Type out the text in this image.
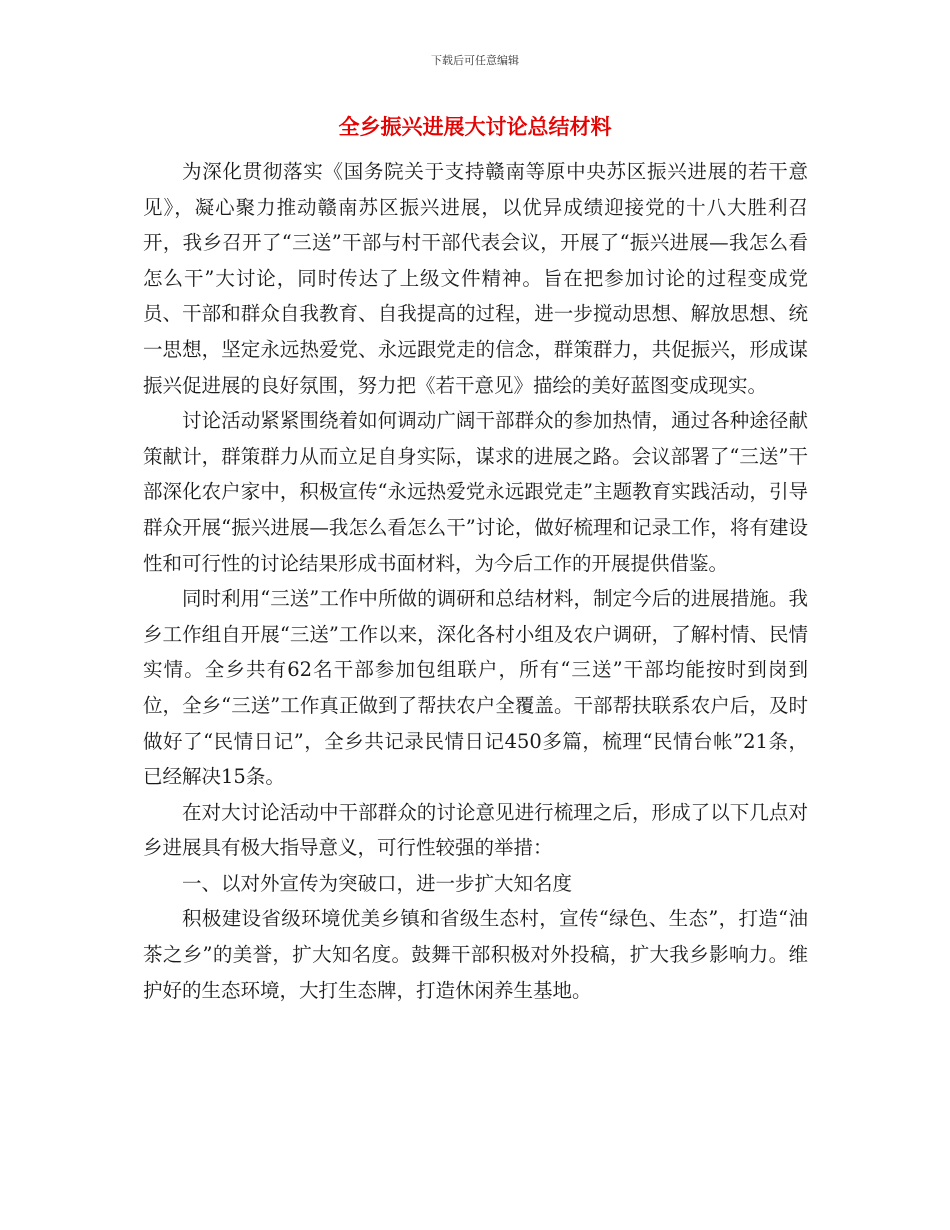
下载后可任意编辑
全乡振兴进展大讨论总结材料

为深化贯彻落实《国务院关于支持赣南等原中央苏区振兴进展的若干意见》，凝心聚力推动赣南苏区振兴进展，以优异成绩迎接党的十八大胜利召开，我乡召开了“三送”干部与村干部代表会议，开展了“振兴进展—我怎么看怎么干”大讨论，同时传达了上级文件精神。旨在把参加讨论的过程变成党员、干部和群众自我教育、自我提高的过程，进一步搅动思想、解放思想、统一思想，坚定永远热爱党、永远跟党走的信念，群策群力，共促振兴，形成谋振兴促进展的良好氛围，努力把《若干意见》描绘的美好蓝图变成现实。

讨论活动紧紧围绕着如何调动广阔干部群众的参加热情，通过各种途径献策献计，群策群力从而立足自身实际，谋求的进展之路。会议部署了“三送”干部深化农户家中，积极宣传“永远热爱党永远跟党走”主题教育实践活动，引导群众开展“振兴进展—我怎么看怎么干”讨论，做好梳理和记录工作，将有建设性和可行性的讨论结果形成书面材料，为今后工作的开展提供借鉴。

同时利用“三送”工作中所做的调研和总结材料，制定今后的进展措施。我乡工作组自开展“三送”工作以来，深化各村小组及农户调研，了解村情、民情实情。全乡共有62名干部参加包组联户，所有“三送”干部均能按时到岗到位，全乡“三送”工作真正做到了帮扶农户全覆盖。干部帮扶联系农户后，及时做好了“民情日记”，全乡共记录民情日记450多篇，梳理“民情台帐”21条，已经解决15条。

在对大讨论活动中干部群众的讨论意见进行梳理之后，形成了以下几点对乡进展具有极大指导意义，可行性较强的举措：

一、以对外宣传为突破口，进一步扩大知名度

积极建设省级环境优美乡镇和省级生态村，宣传“绿色、生态”，打造“油茶之乡”的美誉，扩大知名度。鼓舞干部积极对外投稿，扩大我乡影响力。维护好的生态环境，大打生态牌，打造休闲养生基地。
